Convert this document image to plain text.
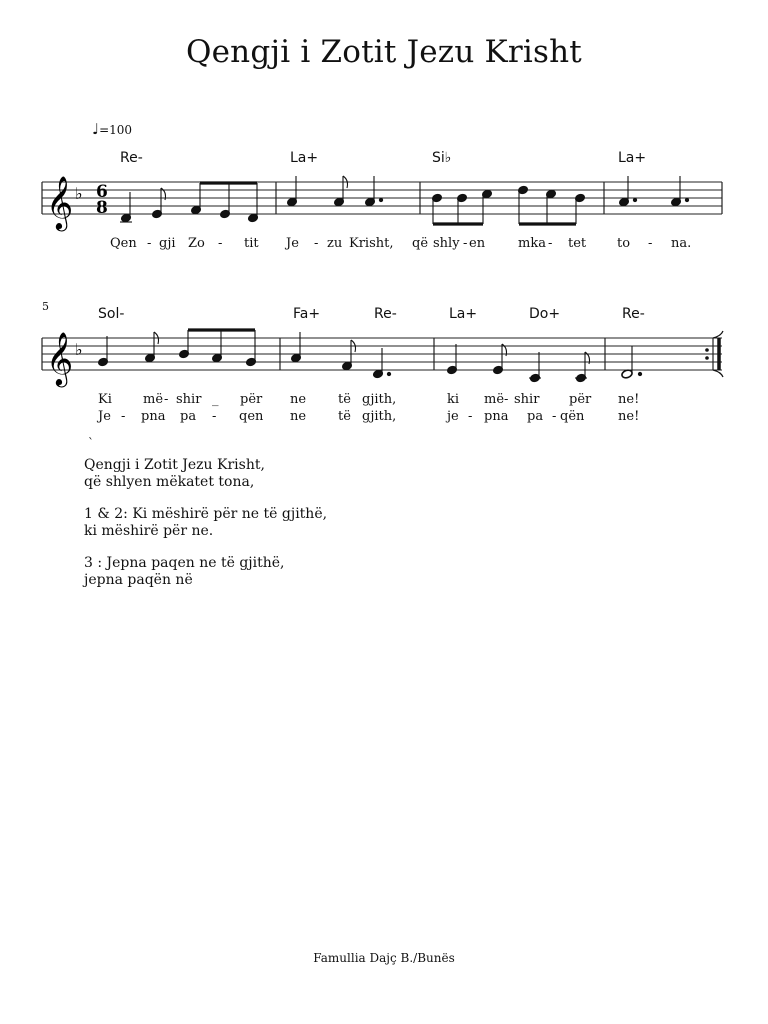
Qengji i Zotit Jezu Krisht
♩=100
Re-	La+	Si♭	La+
𝄞 ♭ 6
8
Qen - gji Zo - tit Je - zu Krisht, që shly - en	mka - tet to - na.
5	Sol-	Fa+	Re-	La+	Do+	Re-
𝄞 ♭
Ki më - shir _ për ne të gjith,	ki më - shir për ne!
Je - pna pa - qen ne të gjith,	je - pna pa - qën	ne!
`
Qengji i Zotit Jezu Krisht,
që shlyen mëkatet tona,
1 & 2: Ki mëshirë për ne të gjithë,
ki mëshirë për ne.
3 : Jepna paqen ne të gjithë,
jepna paqën në
Famullia Dajç B./Bunës
